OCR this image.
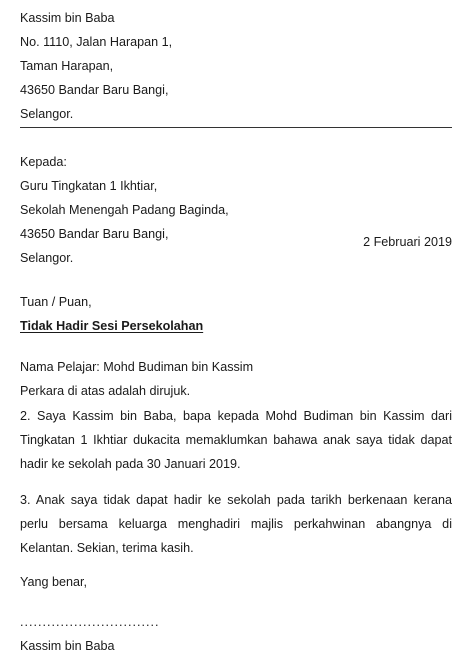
Kassim bin Baba
No. 1110, Jalan Harapan 1,
Taman Harapan,
43650 Bandar Baru Bangi,
Selangor.
Kepada:
Guru Tingkatan 1 Ikhtiar,
Sekolah Menengah Padang Baginda,
43650 Bandar Baru Bangi,
Selangor.
2 Februari 2019
Tuan / Puan,
Tidak Hadir Sesi Persekolahan
Nama Pelajar: Mohd Budiman bin Kassim
Perkara di atas adalah dirujuk.
2. Saya Kassim bin Baba, bapa kepada Mohd Budiman bin Kassim dari
Tingkatan 1 Ikhtiar dukacita memaklumkan bahawa anak saya tidak dapat
hadir ke sekolah pada 30 Januari 2019.
3. Anak saya tidak dapat hadir ke sekolah pada tarikh berkenaan kerana
perlu bersama keluarga menghadiri majlis perkahwinan abangnya di
Kelantan. Sekian, terima kasih.
Yang benar,
...............................
Kassim bin Baba
